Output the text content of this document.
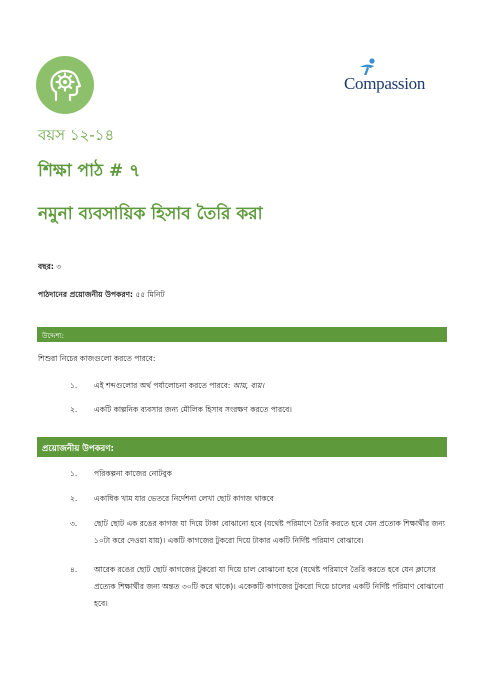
Compassion
বয়স ১২-১৪
শিক্ষা পাঠ # ৭
নমুনা ব্যবসায়িক হিসাব তৈরি করা
বছর: ৩
পাঠদানের প্রয়োজনীয় উপকরণ: ৫৫ মিনিট
উদ্দেশ্য:
শিশুরা নিচের কাজগুলো করতে পারবে:
১. এই শব্দগুলোর অর্থ পর্যালোচনা করতে পারবে: আয়, ব্যয়।
২. একটি কাল্পনিক ব্যবসার জন্য মৌলিক হিসাব সংরক্ষণ করতে পারবে।
প্রয়োজনীয় উপকরণ:
১. পরিকল্পনা কাজের নোটবুক
২. একাধিক খাম যার ভেতরে নির্দেশনা লেখা ছোট কাগজ থাকবে
৩. ছোট ছোট এক রঙের কাগজ যা দিয়ে টাকা বোঝানো হবে (যথেষ্ট পরিমাণে তৈরি করতে হবে যেন প্রত্যেক শিক্ষার্থীর জন্য ১০টা করে দেওয়া যায়)। একটি কাগজের টুকরো দিয়ে টাকার একটি নির্দিষ্ট পরিমাণ বোঝাবে।
৪. আরেক রঙের ছোট ছোট কাগজের টুকরো যা দিয়ে চাল বোঝানো হবে (যথেষ্ট পরিমাণে তৈরি করতে হবে যেন ক্লাসের প্রত্যেক শিক্ষার্থীর জন্য অন্তত ৩০টি করে থাকে)। একেকটি কাগজের টুকরো দিয়ে চালের একটি নির্দিষ্ট পরিমাণ বোঝানো হবে।
